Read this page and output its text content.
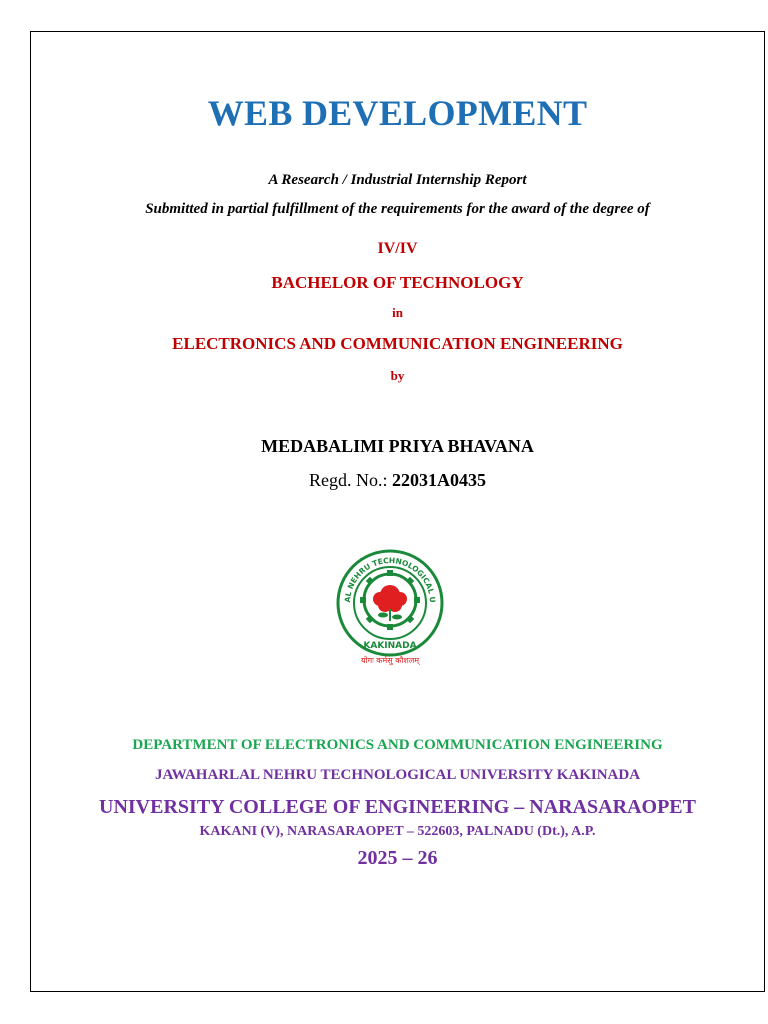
WEB DEVELOPMENT
A Research / Industrial Internship Report
Submitted in partial fulfillment of the requirements for the award of the degree of
IV/IV
BACHELOR OF TECHNOLOGY
in
ELECTRONICS AND COMMUNICATION ENGINEERING
by
MEDABALIMI PRIYA BHAVANA
Regd. No.: 22031A0435
AL NEHRU TECHNOLOGICAL U
KAKINADA
योगः कर्मसु कौशलम्
DEPARTMENT OF ELECTRONICS AND COMMUNICATION ENGINEERING
JAWAHARLAL NEHRU TECHNOLOGICAL UNIVERSITY KAKINADA
UNIVERSITY COLLEGE OF ENGINEERING – NARASARAOPET
KAKANI (V), NARASARAOPET – 522603, PALNADU (Dt.), A.P.
2025 – 26
